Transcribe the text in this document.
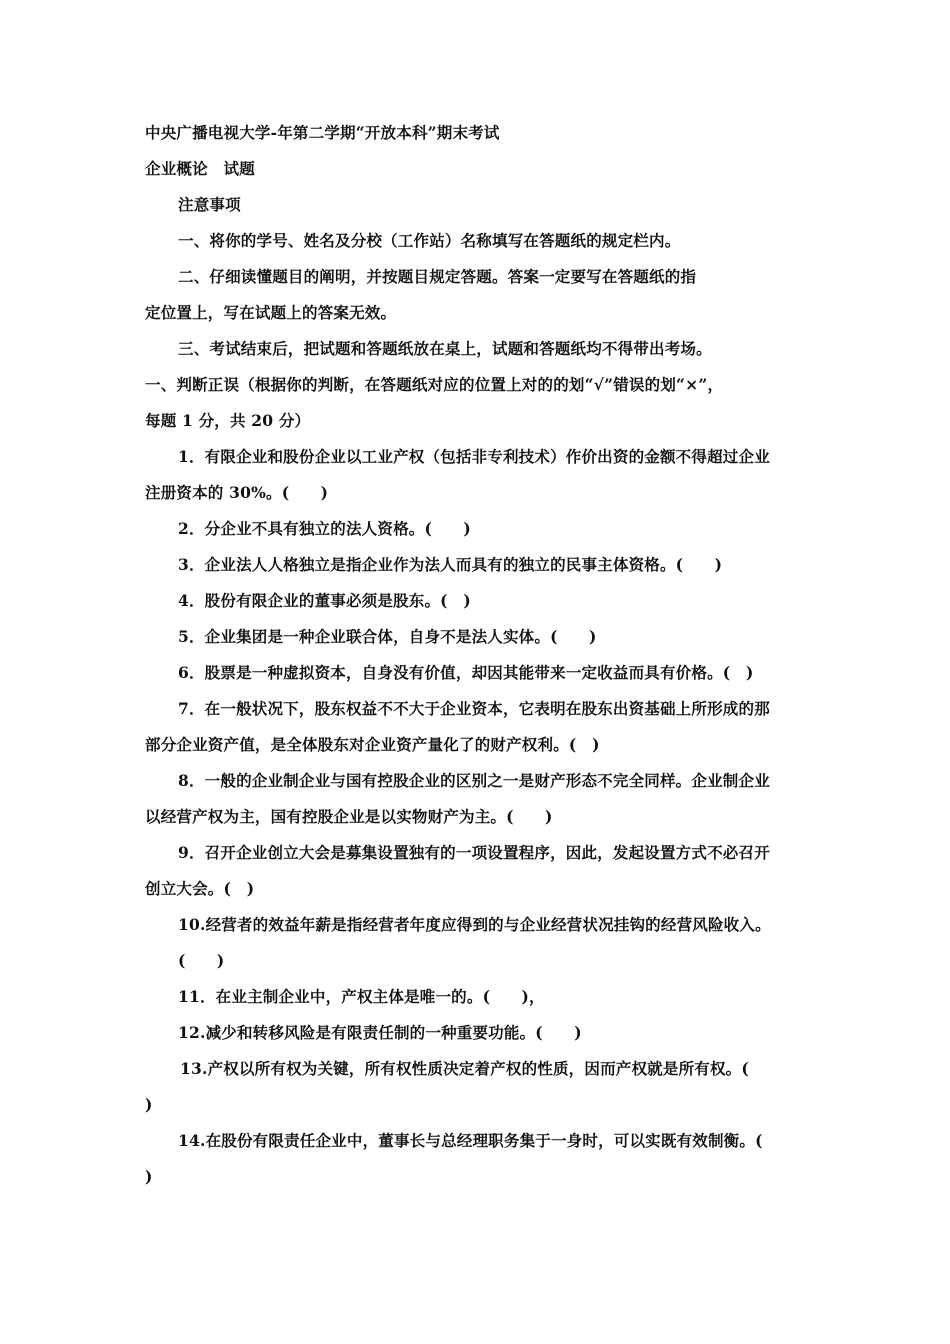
中央广播电视大学-年第二学期“开放本科”期末考试
企业概论　试题
注意事项
一、将你的学号、姓名及分校（工作站）名称填写在答题纸的规定栏内。
二、仔细读懂题目的阐明，并按题目规定答题。答案一定要写在答题纸的指
定位置上，写在试题上的答案无效。
三、考试结束后，把试题和答题纸放在桌上，试题和答题纸均不得带出考场。
一、判断正误（根据你的判断，在答题纸对应的位置上对的的划“√”错误的划“×”，
每题 1 分，共 20 分）
1．有限企业和股份企业以工业产权（包括非专利技术）作价出资的金额不得超过企业
注册资本的 30%。(　　)
2．分企业不具有独立的法人资格。(　　)
3．企业法人人格独立是指企业作为法人而具有的独立的民事主体资格。(　　)
4．股份有限企业的董事必须是股东。(　)
5．企业集团是一种企业联合体，自身不是法人实体。(　　)
6．股票是一种虚拟资本，自身没有价值，却因其能带来一定收益而具有价格。(　)
7．在一般状况下，股东权益不不大于企业资本，它表明在股东出资基础上所形成的那
部分企业资产值，是全体股东对企业资产量化了的财产权利。(　)
8．一般的企业制企业与国有控股企业的区别之一是财产形态不完全同样。企业制企业
以经营产权为主，国有控股企业是以实物财产为主。(　　)
9．召开企业创立大会是募集设置独有的一项设置程序，因此，发起设置方式不必召开
创立大会。(　)
10.经营者的效益年薪是指经营者年度应得到的与企业经营状况挂钩的经营风险收入。
(　　)
11．在业主制企业中，产权主体是唯一的。(　　)，
12.减少和转移风险是有限责任制的一种重要功能。(　　)
13.产权以所有权为关键，所有权性质决定着产权的性质，因而产权就是所有权。(
)
14.在股份有限责任企业中，董事长与总经理职务集于一身时，可以实既有效制衡。(
)
